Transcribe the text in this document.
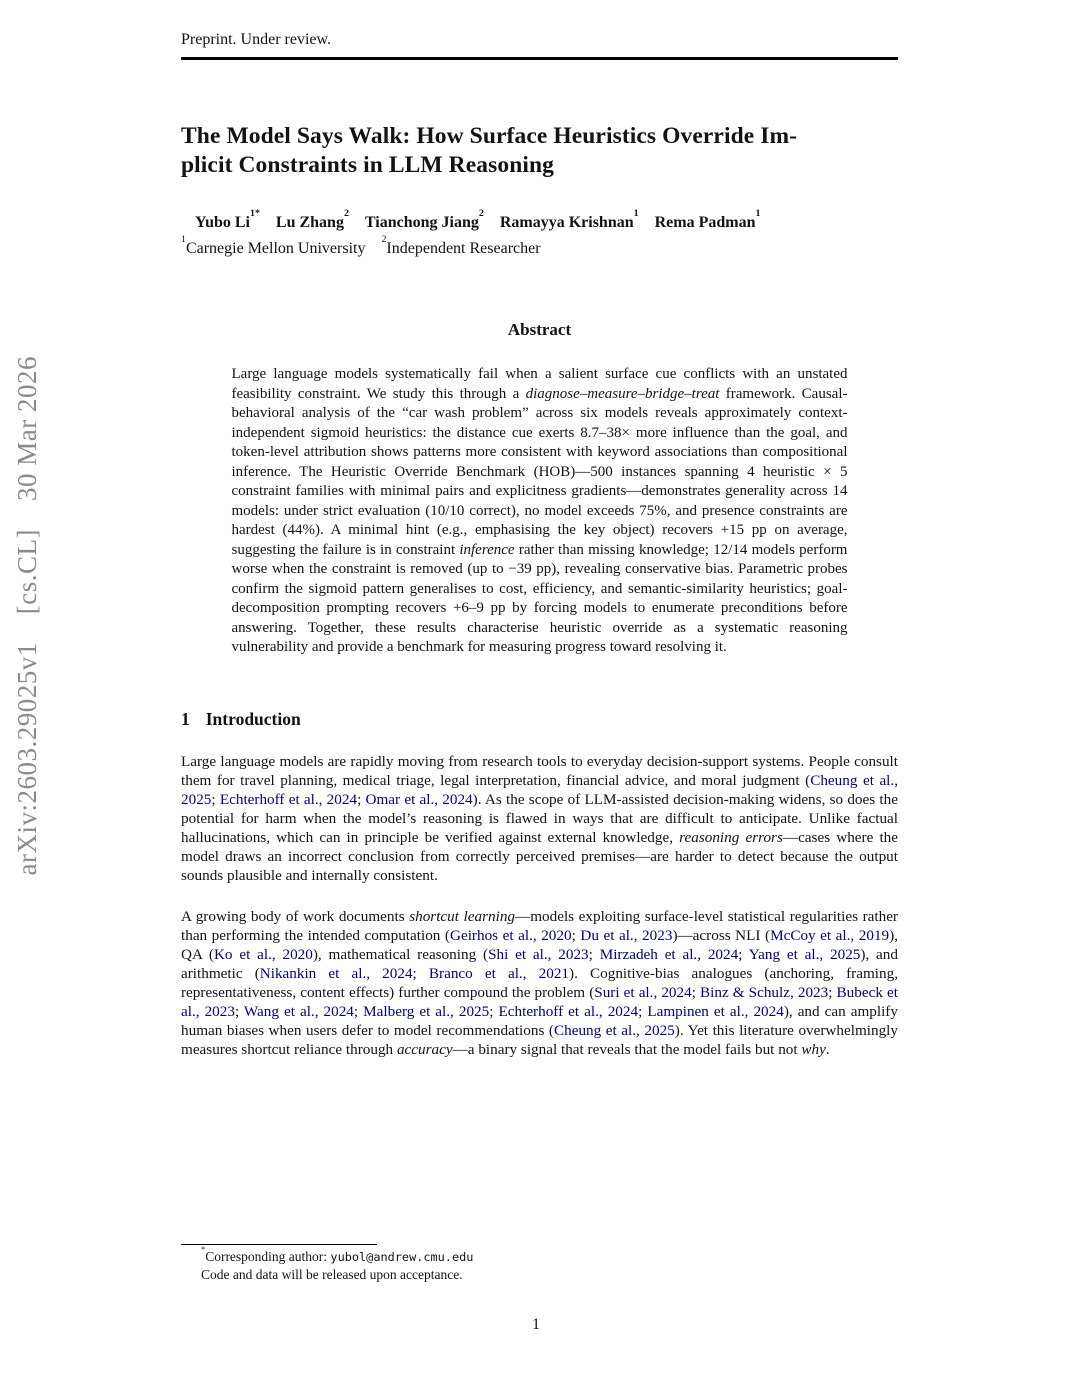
arXiv:2603.29025v1  [cs.CL]  30 Mar 2026
Preprint. Under review.
The Model Says Walk: How Surface Heuristics Override Im-
plicit Constraints in LLM Reasoning
Yubo $Li^{1*}$ Lu Zhang$^2$ Tianchong Jiang$^2$ Ramayya Krishnan$^1$ Rema Padman$^1$
$^1$Carnegie Mellon University $^2$Independent Researcher
Abstract
Large language models systematically fail when a salient surface cue conflicts with an unstated feasibility constraint. We study this through a diagnose–measure–bridge–treat framework. Causal-behavioral analysis of the “car wash problem” across six models reveals approximately context-independent sigmoid heuristics: the distance cue exerts 8.7–38× more influence than the goal, and token-level attribution shows patterns more consistent with keyword associations than compositional inference. The Heuristic Override Benchmark (HOB)—500 instances spanning 4 heuristic × 5 constraint families with minimal pairs and explicitness gradients—demonstrates generality across 14 models: under strict evaluation (10/10 correct), no model exceeds 75%, and presence constraints are hardest (44%). A minimal hint (e.g., emphasising the key object) recovers +15 pp on average, suggesting the failure is in constraint inference rather than missing knowledge; 12/14 models perform worse when the constraint is removed (up to −39 pp), revealing conservative bias. Parametric probes confirm the sigmoid pattern generalises to cost, efficiency, and semantic-similarity heuristics; goal-decomposition prompting recovers +6–9 pp by forcing models to enumerate preconditions before answering. Together, these results characterise heuristic override as a systematic reasoning vulnerability and provide a benchmark for measuring progress toward resolving it.
1 Introduction
Large language models are rapidly moving from research tools to everyday decision-support systems. People consult them for travel planning, medical triage, legal interpretation, financial advice, and moral judgment (Cheung et al., 2025; Echterhoff et al., 2024; Omar et al., 2024). As the scope of LLM-assisted decision-making widens, so does the potential for harm when the model’s reasoning is flawed in ways that are difficult to anticipate. Unlike factual hallucinations, which can in principle be verified against external knowledge, reasoning errors—cases where the model draws an incorrect conclusion from correctly perceived premises—are harder to detect because the output sounds plausible and internally consistent.
A growing body of work documents shortcut learning—models exploiting surface-level statistical regularities rather than performing the intended computation (Geirhos et al., 2020; Du et al., 2023)—across NLI (McCoy et al., 2019), QA (Ko et al., 2020), mathematical reasoning (Shi et al., 2023; Mirzadeh et al., 2024; Yang et al., 2025), and arithmetic (Nikankin et al., 2024; Branco et al., 2021). Cognitive-bias analogues (anchoring, framing, representativeness, content effects) further compound the problem (Suri et al., 2024; Binz & Schulz, 2023; Bubeck et al., 2023; Wang et al., 2024; Malberg et al., 2025; Echterhoff et al., 2024; Lampinen et al., 2024), and can amplify human biases when users defer to model recommendations (Cheung et al., 2025). Yet this literature overwhelmingly measures shortcut reliance through accuracy—a binary signal that reveals that the model fails but not why.
*Corresponding author: yubol@andrew.cmu.edu
Code and data will be released upon acceptance.
1
